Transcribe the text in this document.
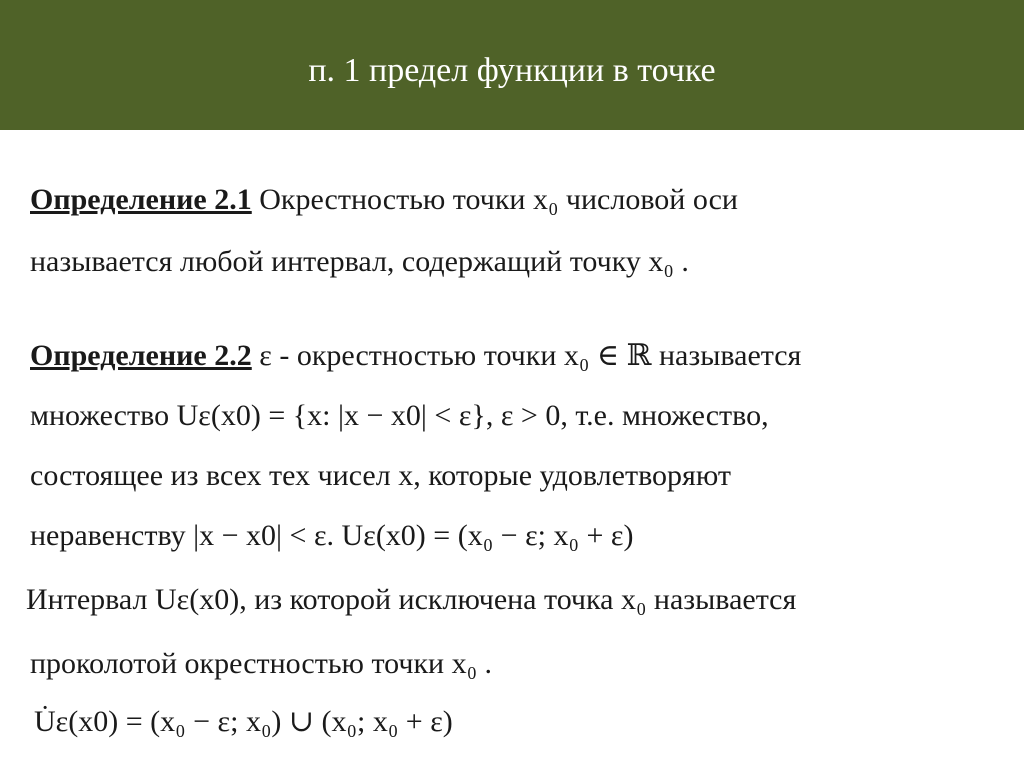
п. 1 предел функции в точке
Определение 2.1 Окрестностью точки x₀ числовой оси
называется любой интервал, содержащий точку x₀ .
Определение 2.2 ε - окрестностью точки x₀ ∈ ℝ называется
множество Uε(x0) = {x: |x − x0| < ε}, ε > 0, т.е. множество,
состоящее из всех тех чисел x, которые удовлетворяют
неравенству |x − x0| < ε. Uε(x0) = (x₀ − ε; x₀ + ε)
Интервал Uε(x0), из которой исключена точка x₀ называется
проколотой окрестностью точки x₀ .
U̇ε(x0) = (x₀ − ε; x₀) ∪ (x₀; x₀ + ε)
